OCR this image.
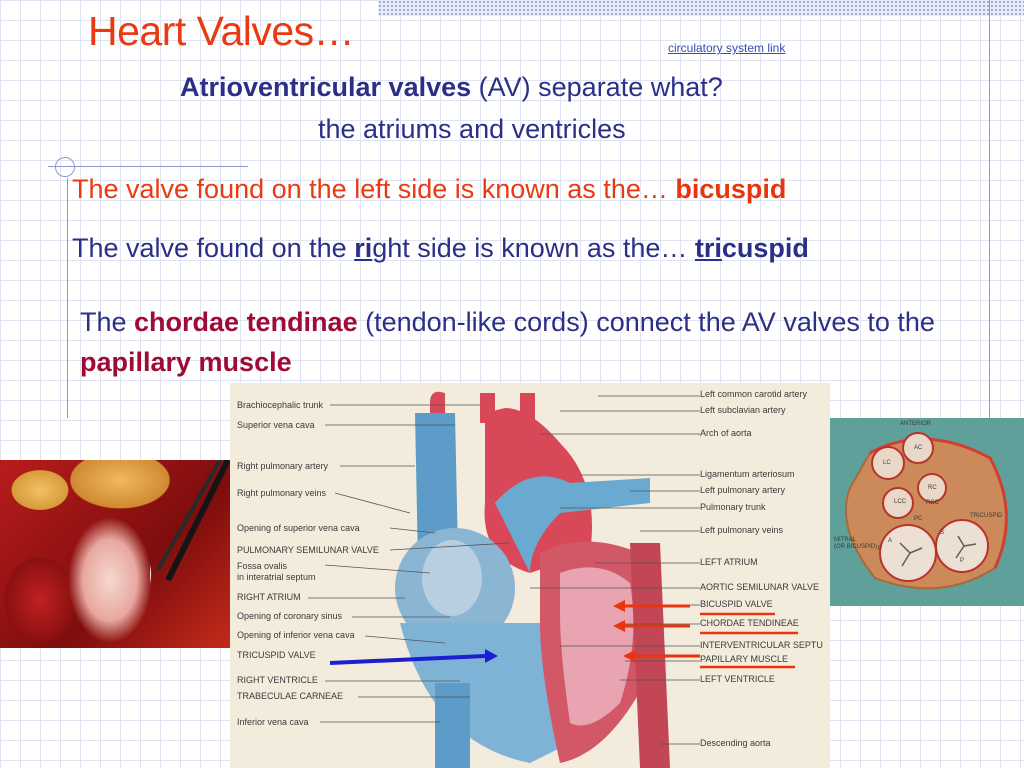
Heart Valves…	circulatory system link

Atrioventricular valves (AV) separate what?

the atriums and ventricles

The valve found on the left side is known as the… bicuspid

The valve found on the right side is known as the… tricuspid

The chordae tendinae (tendon-like cords) connect the AV valves to the papillary muscle

Brachiocephalic trunk
Superior vena cava
Right pulmonary artery
Right pulmonary veins
Opening of superior vena cava
PULMONARY SEMILUNAR VALVE
Fossa ovalis
in interatrial septum
RIGHT ATRIUM
Opening of coronary sinus
Opening of inferior vena cava
TRICUSPID VALVE
RIGHT VENTRICLE
TRABECULAE CARNEAE
Inferior vena cava
Left common carotid artery
Left subclavian artery
Arch of aorta
Ligamentum arteriosum
Left pulmonary artery
Pulmonary trunk
Left pulmonary veins
LEFT ATRIUM
AORTIC SEMILUNAR VALVE
BICUSPID VALVE
CHORDAE TENDINEAE
INTERVENTRICULAR SEPTU
PAPILLARY MUSCLE
LEFT VENTRICLE
Descending aorta
ANTERIOR
AC
LC
RC
LCC	RCC
PC	TRICUSPID
MITRAL
(OR BICUSPID)
A
S
P
P
